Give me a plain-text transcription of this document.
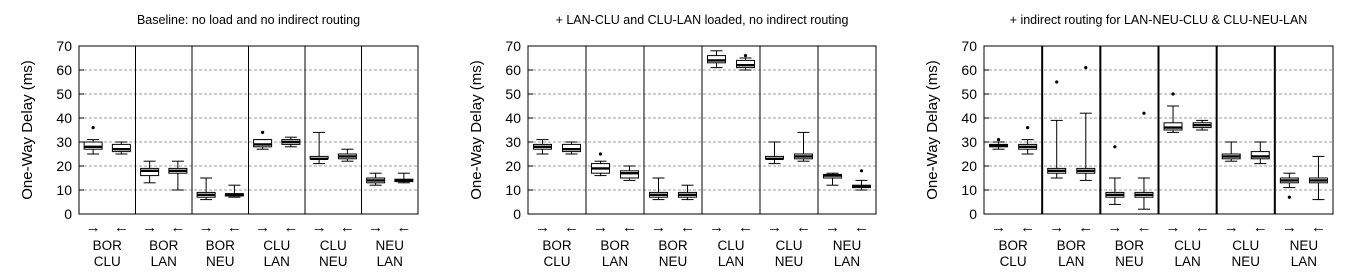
Baseline: no load and no indirect routing
One-Way Delay (ms)
0
10
20
30
40
50
60
70
→ ←
BOR
CLU
→ ←
BOR
LAN
→ ←
BOR
NEU
→ ←
CLU
LAN
→ ←
CLU
NEU
→ ←
NEU
LAN
+ LAN-CLU and CLU-LAN loaded, no indirect routing
One-Way Delay (ms)
0
10
20
30
40
50
60
70
→ ←
BOR
CLU
→ ←
BOR
LAN
→ ←
BOR
NEU
→ ←
CLU
LAN
→ ←
CLU
NEU
→ ←
NEU
LAN
+ indirect routing for LAN-NEU-CLU & CLU-NEU-LAN
One-Way Delay (ms)
0
10
20
30
40
50
60
70
→ ←
BOR
CLU
→ ←
BOR
LAN
→ ←
BOR
NEU
→ ←
CLU
LAN
→ ←
CLU
NEU
→ ←
NEU
LAN
